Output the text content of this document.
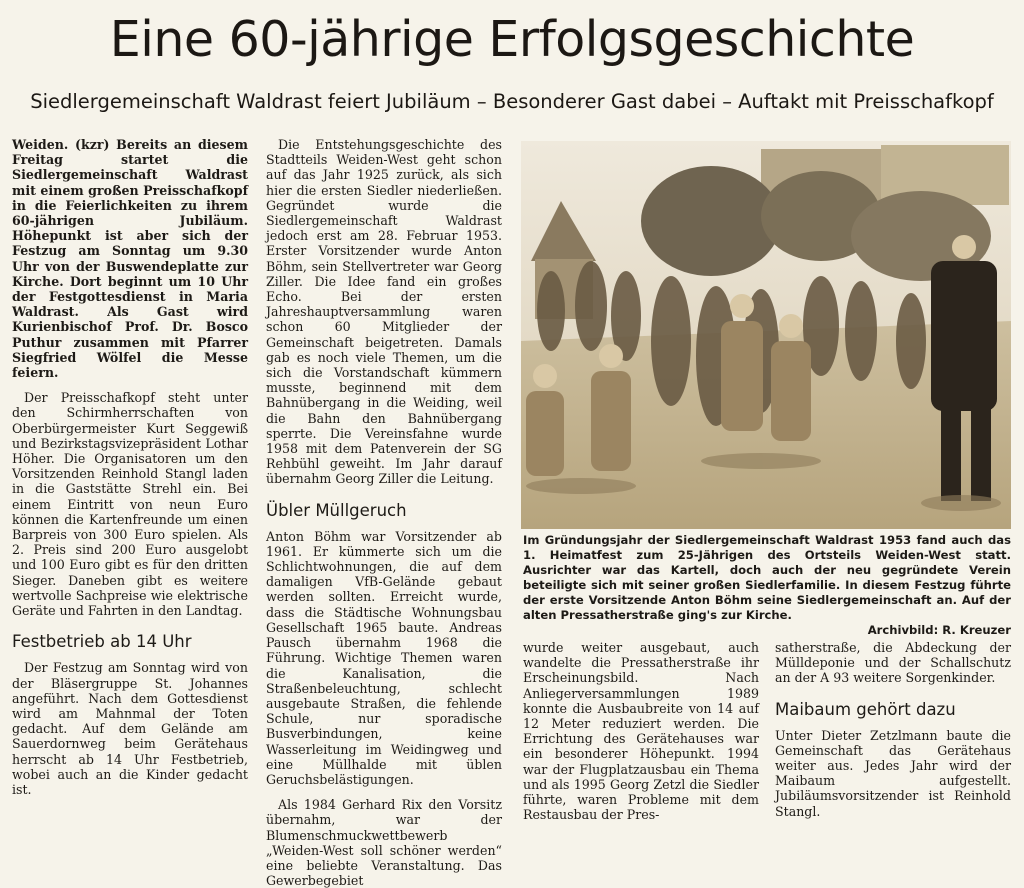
Eine 60-jährige Erfolgsgeschichte
Siedlergemeinschaft Waldrast feiert Jubiläum – Besonderer Gast dabei – Auftakt mit Preisschafkopf

Weiden. (kzr) Bereits an diesem Freitag startet die Siedlergemeinschaft Waldrast mit einem großen Preisschafkopf in die Feierlichkeiten zu ihrem 60-jährigen Jubiläum. Höhepunkt ist aber sich der Festzug am Sonntag um 9.30 Uhr von der Buswendeplatte zur Kirche. Dort beginnt um 10 Uhr der Festgottesdienst in Maria Waldrast. Als Gast wird Kurienbischof Prof. Dr. Bosco Puthur zusammen mit Pfarrer Siegfried Wölfel die Messe feiern.

Der Preisschafkopf steht unter den Schirmherrschaften von Oberbürgermeister Kurt Seggewiß und Bezirkstagsvizepräsident Lothar Höher. Die Organisatoren um den Vorsitzenden Reinhold Stangl laden in die Gaststätte Strehl ein. Bei einem Eintritt von neun Euro können die Kartenfreunde um einen Barpreis von 300 Euro spielen. Als 2. Preis sind 200 Euro ausgelobt und 100 Euro gibt es für den dritten Sieger. Daneben gibt es weitere wertvolle Sachpreise wie elektrische Geräte und Fahrten in den Landtag.

Festbetrieb ab 14 Uhr

Der Festzug am Sonntag wird von der Bläsergruppe St. Johannes angeführt. Nach dem Gottesdienst wird am Mahnmal der Toten gedacht. Auf dem Gelände am Sauerdornweg beim Gerätehaus herrscht ab 14 Uhr Festbetrieb, wobei auch an die Kinder gedacht ist.

Die Entstehungsgeschichte des Stadtteils Weiden-West geht schon auf das Jahr 1925 zurück, als sich hier die ersten Siedler niederließen. Gegründet wurde die Siedlergemeinschaft Waldrast jedoch erst am 28. Februar 1953. Erster Vorsitzender wurde Anton Böhm, sein Stellvertreter war Georg Ziller. Die Idee fand ein großes Echo. Bei der ersten Jahreshauptversammlung waren schon 60 Mitglieder der Gemeinschaft beigetreten. Damals gab es noch viele Themen, um die sich die Vorstandschaft kümmern musste, beginnend mit dem Bahnübergang in die Weiding, weil die Bahn den Bahnübergang sperrte. Die Vereinsfahne wurde 1958 mit dem Patenverein der SG Rehbühl geweiht. Im Jahr darauf übernahm Georg Ziller die Leitung.

Übler Müllgeruch

Anton Böhm war Vorsitzender ab 1961. Er kümmerte sich um die Schlichtwohnungen, die auf dem damaligen VfB-Gelände gebaut werden sollten. Erreicht wurde, dass die Städtische Wohnungsbau Gesellschaft 1965 baute. Andreas Pausch übernahm 1968 die Führung. Wichtige Themen waren die Kanalisation, die Straßenbeleuchtung, schlecht ausgebaute Straßen, die fehlende Schule, nur sporadische Busverbindungen, keine Wasserleitung im Weidingweg und eine Müllhalde mit üblen Geruchsbelästigungen.

Als 1984 Gerhard Rix den Vorsitz übernahm, war der Blumenschmuckwettbewerb „Weiden-West soll schöner werden“ eine beliebte Veranstaltung. Das Gewerbegebiet

Im Gründungsjahr der Siedlergemeinschaft Waldrast 1953 fand auch das 1. Heimatfest zum 25-Jährigen des Ortsteils Weiden-West statt. Ausrichter war das Kartell, doch auch der neu gegründete Verein beteiligte sich mit seiner großen Siedlerfamilie. In diesem Festzug führte der erste Vorsitzende Anton Böhm seine Siedlergemeinschaft an. Auf der alten Pressatherstraße ging's zur Kirche.
Archivbild: R. Kreuzer

wurde weiter ausgebaut, auch wandelte die Pressatherstraße ihr Erscheinungsbild. Nach Anliegerversammlungen 1989 konnte die Ausbaubreite von 14 auf 12 Meter reduziert werden. Die Errichtung des Gerätehauses war ein besonderer Höhepunkt. 1994 war der Flugplatzausbau ein Thema und als 1995 Georg Zetzl die Siedler führte, waren Probleme mit dem Restausbau der Pres-

satherstraße, die Abdeckung der Mülldeponie und der Schallschutz an der A 93 weitere Sorgenkinder.

Maibaum gehört dazu

Unter Dieter Zetzlmann baute die Gemeinschaft das Gerätehaus weiter aus. Jedes Jahr wird der Maibaum aufgestellt. Jubiläumsvorsitzender ist Reinhold Stangl.
